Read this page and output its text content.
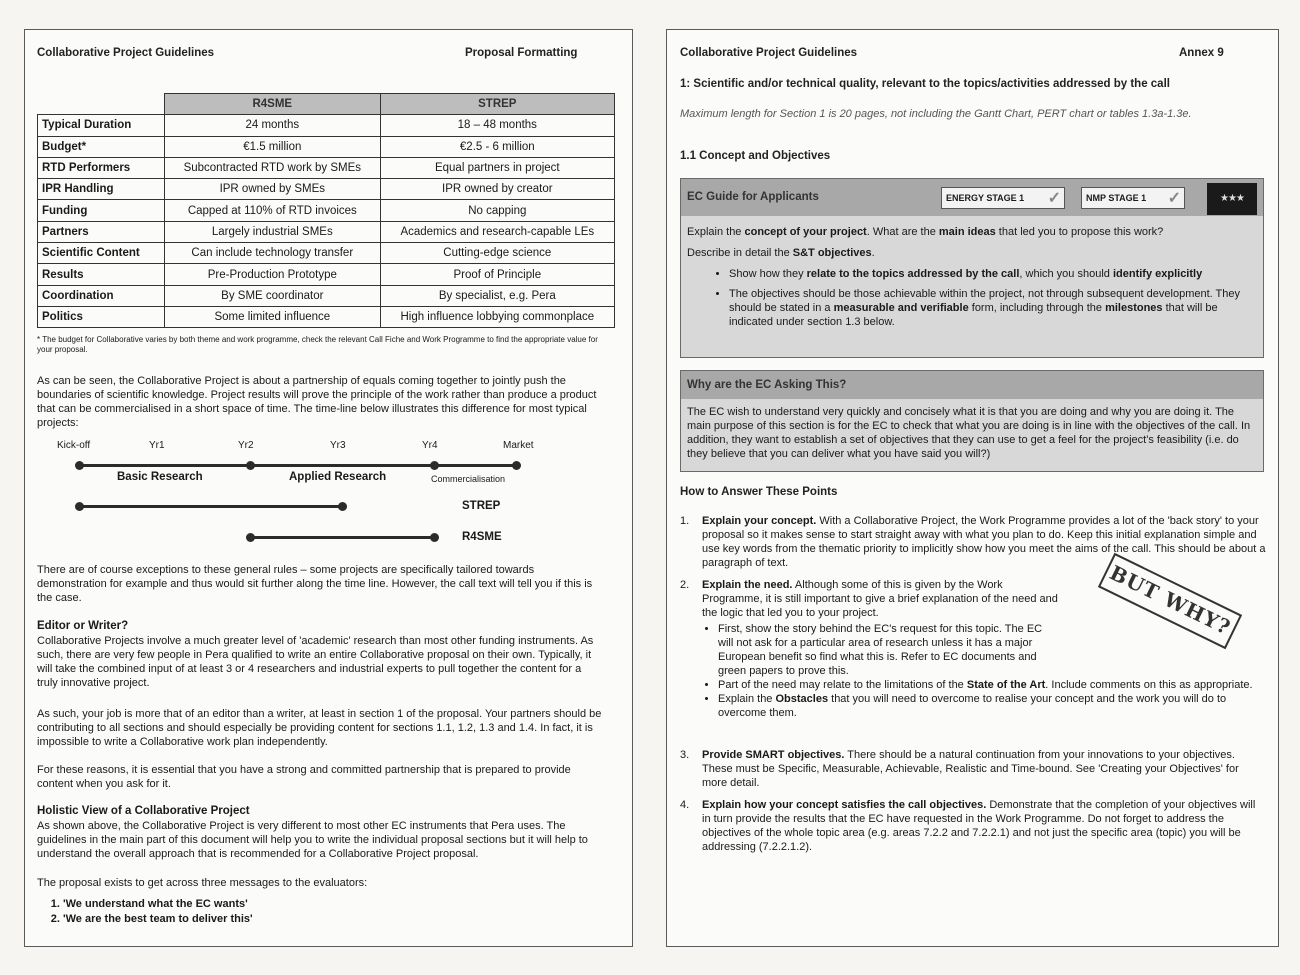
Collaborative Project Guidelines	Proposal Formatting
	R4SME	STREP
Typical Duration	24 months	18 – 48 months
Budget*	€1.5 million	€2.5 - 6 million
RTD Performers	Subcontracted RTD work by SMEs	Equal partners in project
IPR Handling	IPR owned by SMEs	IPR owned by creator
Funding	Capped at 110% of RTD invoices	No capping
Partners	Largely industrial SMEs	Academics and research-capable LEs
Scientific Content	Can include technology transfer	Cutting-edge science
Results	Pre-Production Prototype	Proof of Principle
Coordination	By SME coordinator	By specialist, e.g. Pera
Politics	Some limited influence	High influence lobbying commonplace
* The budget for Collaborative varies by both theme and work programme, check the relevant Call Fiche and Work Programme to find the appropriate value for your proposal.

As can be seen, the Collaborative Project is about a partnership of equals coming together to jointly push the boundaries of scientific knowledge. Project results will prove the principle of the work rather than produce a product that can be commercialised in a short space of time. The time-line below illustrates this difference for most typical projects:

Kick-off	Yr1	Yr2	Yr3	Yr4	Market
Basic Research	Applied Research	Commercialisation
STREP
R4SME

There are of course exceptions to these general rules – some projects are specifically tailored towards demonstration for example and thus would sit further along the time line. However, the call text will tell you if this is the case.

Editor or Writer?

Collaborative Projects involve a much greater level of 'academic' research than most other funding instruments. As such, there are very few people in Pera qualified to write an entire Collaborative proposal on their own. Typically, it will take the combined input of at least 3 or 4 researchers and industrial experts to pull together the content for a truly innovative project.

As such, your job is more that of an editor than a writer, at least in section 1 of the proposal. Your partners should be contributing to all sections and should especially be providing content for sections 1.1, 1.2, 1.3 and 1.4. In fact, it is impossible to write a Collaborative work plan independently.

For these reasons, it is essential that you have a strong and committed partnership that is prepared to provide content when you ask for it.

Holistic View of a Collaborative Project

As shown above, the Collaborative Project is very different to most other EC instruments that Pera uses. The guidelines in the main part of this document will help you to write the individual proposal sections but it will help to understand the overall approach that is recommended for a Collaborative Project proposal.

The proposal exists to get across three messages to the evaluators:

1. 'We understand what the EC wants'
2. 'We are the best team to deliver this'
Collaborative Project Guidelines	Annex 9
1: Scientific and/or technical quality, relevant to the topics/activities addressed by the call

Maximum length for Section 1 is 20 pages, not including the Gantt Chart, PERT chart or tables 1.3a-1.3e.

1.1 Concept and Objectives
EC Guide for Applicants	ENERGY STAGE 1 ✓	NMP STAGE 1 ✓	★★★

Explain the concept of your project. What are the main ideas that led you to propose this work?

Describe in detail the S&T objectives.

• Show how they relate to the topics addressed by the call, which you should identify explicitly
• The objectives should be those achievable within the project, not through subsequent development. They should be stated in a measurable and verifiable form, including through the milestones that will be indicated under section 1.3 below.
Why are the EC Asking This?

The EC wish to understand very quickly and concisely what it is that you are doing and why you are doing it. The main purpose of this section is for the EC to check that what you are doing is in line with the objectives of the call. In addition, they want to establish a set of objectives that they can use to get a feel for the project's feasibility (i.e. do they believe that you can deliver what you have said you will?)

How to Answer These Points
1. Explain your concept. With a Collaborative Project, the Work Programme provides a lot of the 'back story' to your proposal so it makes sense to start straight away with what you plan to do. Keep this initial explanation simple and use key words from the thematic priority to implicitly show how you meet the aims of the call. This should be about a paragraph of text.
2. Explain the need. Although some of this is given by the Work Programme, it is still important to give a brief explanation of the need and the logic that led you to your project.
• First, show the story behind the EC's request for this topic. The EC will not ask for a particular area of research unless it has a major European benefit so find what this is. Refer to EC documents and green papers to prove this.
• Part of the need may relate to the limitations of the State of the Art. Include comments on this as appropriate.
• Explain the Obstacles that you will need to overcome to realise your concept and the work you will do to overcome them.
BUT WHY?
3. Provide SMART objectives. There should be a natural continuation from your innovations to your objectives. These must be Specific, Measurable, Achievable, Realistic and Time-bound. See 'Creating your Objectives' for more detail.
4. Explain how your concept satisfies the call objectives. Demonstrate that the completion of your objectives will in turn provide the results that the EC have requested in the Work Programme. Do not forget to address the objectives of the whole topic area (e.g. areas 7.2.2 and 7.2.2.1) and not just the specific area (topic) you will be addressing (7.2.2.1.2).
